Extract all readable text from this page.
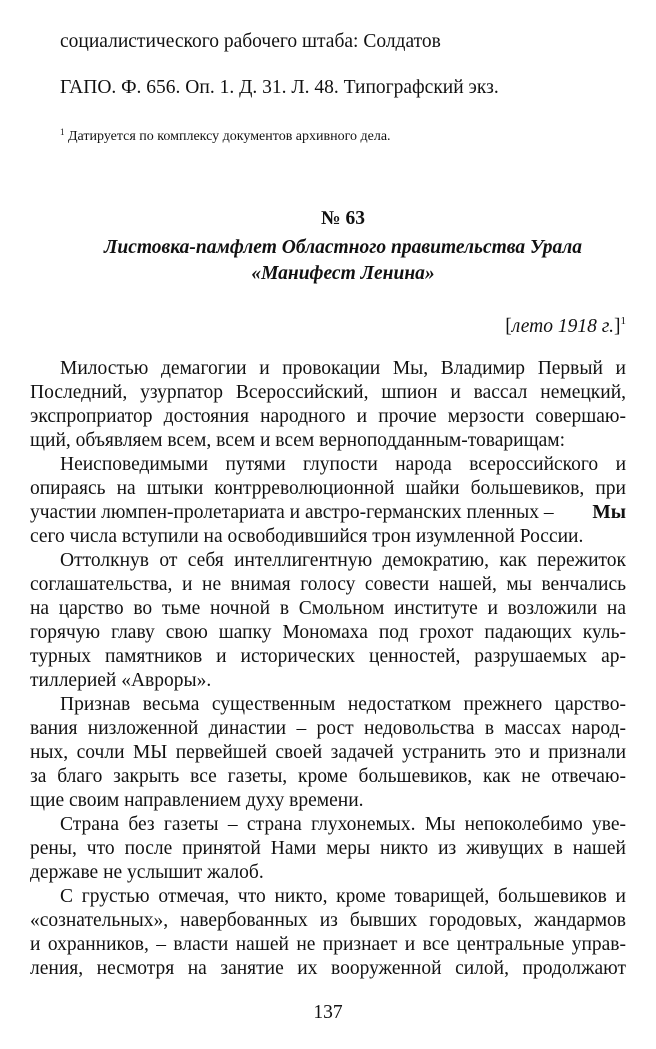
социалистического рабочего штаба: Солдатов
ГАПО. Ф. 656. Оп. 1. Д. 31. Л. 48. Типографский экз.
$^1$ Датируется по комплексу документов архивного дела.
№ 63
Листовка-памфлет Областного правительства Урала
«Манифест Ленина»
[лето 1918 г.]$^1$
Милостью демагогии и провокации Мы, Владимир Первый и
Последний, узурпатор Всероссийский, шпион и вассал немецкий,
экспроприатор достояния народного и прочие мерзости совершаю-
щий, объявляем всем, всем и всем верноподданным-товарищам:
Неисповедимыми путями глупости народа всероссийского и
опираясь на штыки контрреволюционной шайки большевиков, при
участии люмпен-пролетариата и австро-германских пленных – Мы
сего числа вступили на освободившийся трон изумленной России.
Оттолкнув от себя интеллигентную демократию, как пережиток
соглашательства, и не внимая голосу совести нашей, мы венчались
на царство во тьме ночной в Смольном институте и возложили на
горячую главу свою шапку Мономаха под грохот падающих куль-
турных памятников и исторических ценностей, разрушаемых ар-
тиллерией «Авроры».
Признав весьма существенным недостатком прежнего царство-
вания низложенной династии – рост недовольства в массах народ-
ных, сочли МЫ первейшей своей задачей устранить это и признали
за благо закрыть все газеты, кроме большевиков, как не отвечаю-
щие своим направлением духу времени.
Страна без газеты – страна глухонемых. Мы непоколебимо уве-
рены, что после принятой Нами меры никто из живущих в нашей
державе не услышит жалоб.
С грустью отмечая, что никто, кроме товарищей, большевиков и
«сознательных», навербованных из бывших городовых, жандармов
и охранников, – власти нашей не признает и все центральные управ-
ления, несмотря на занятие их вооруженной силой, продолжают
137
